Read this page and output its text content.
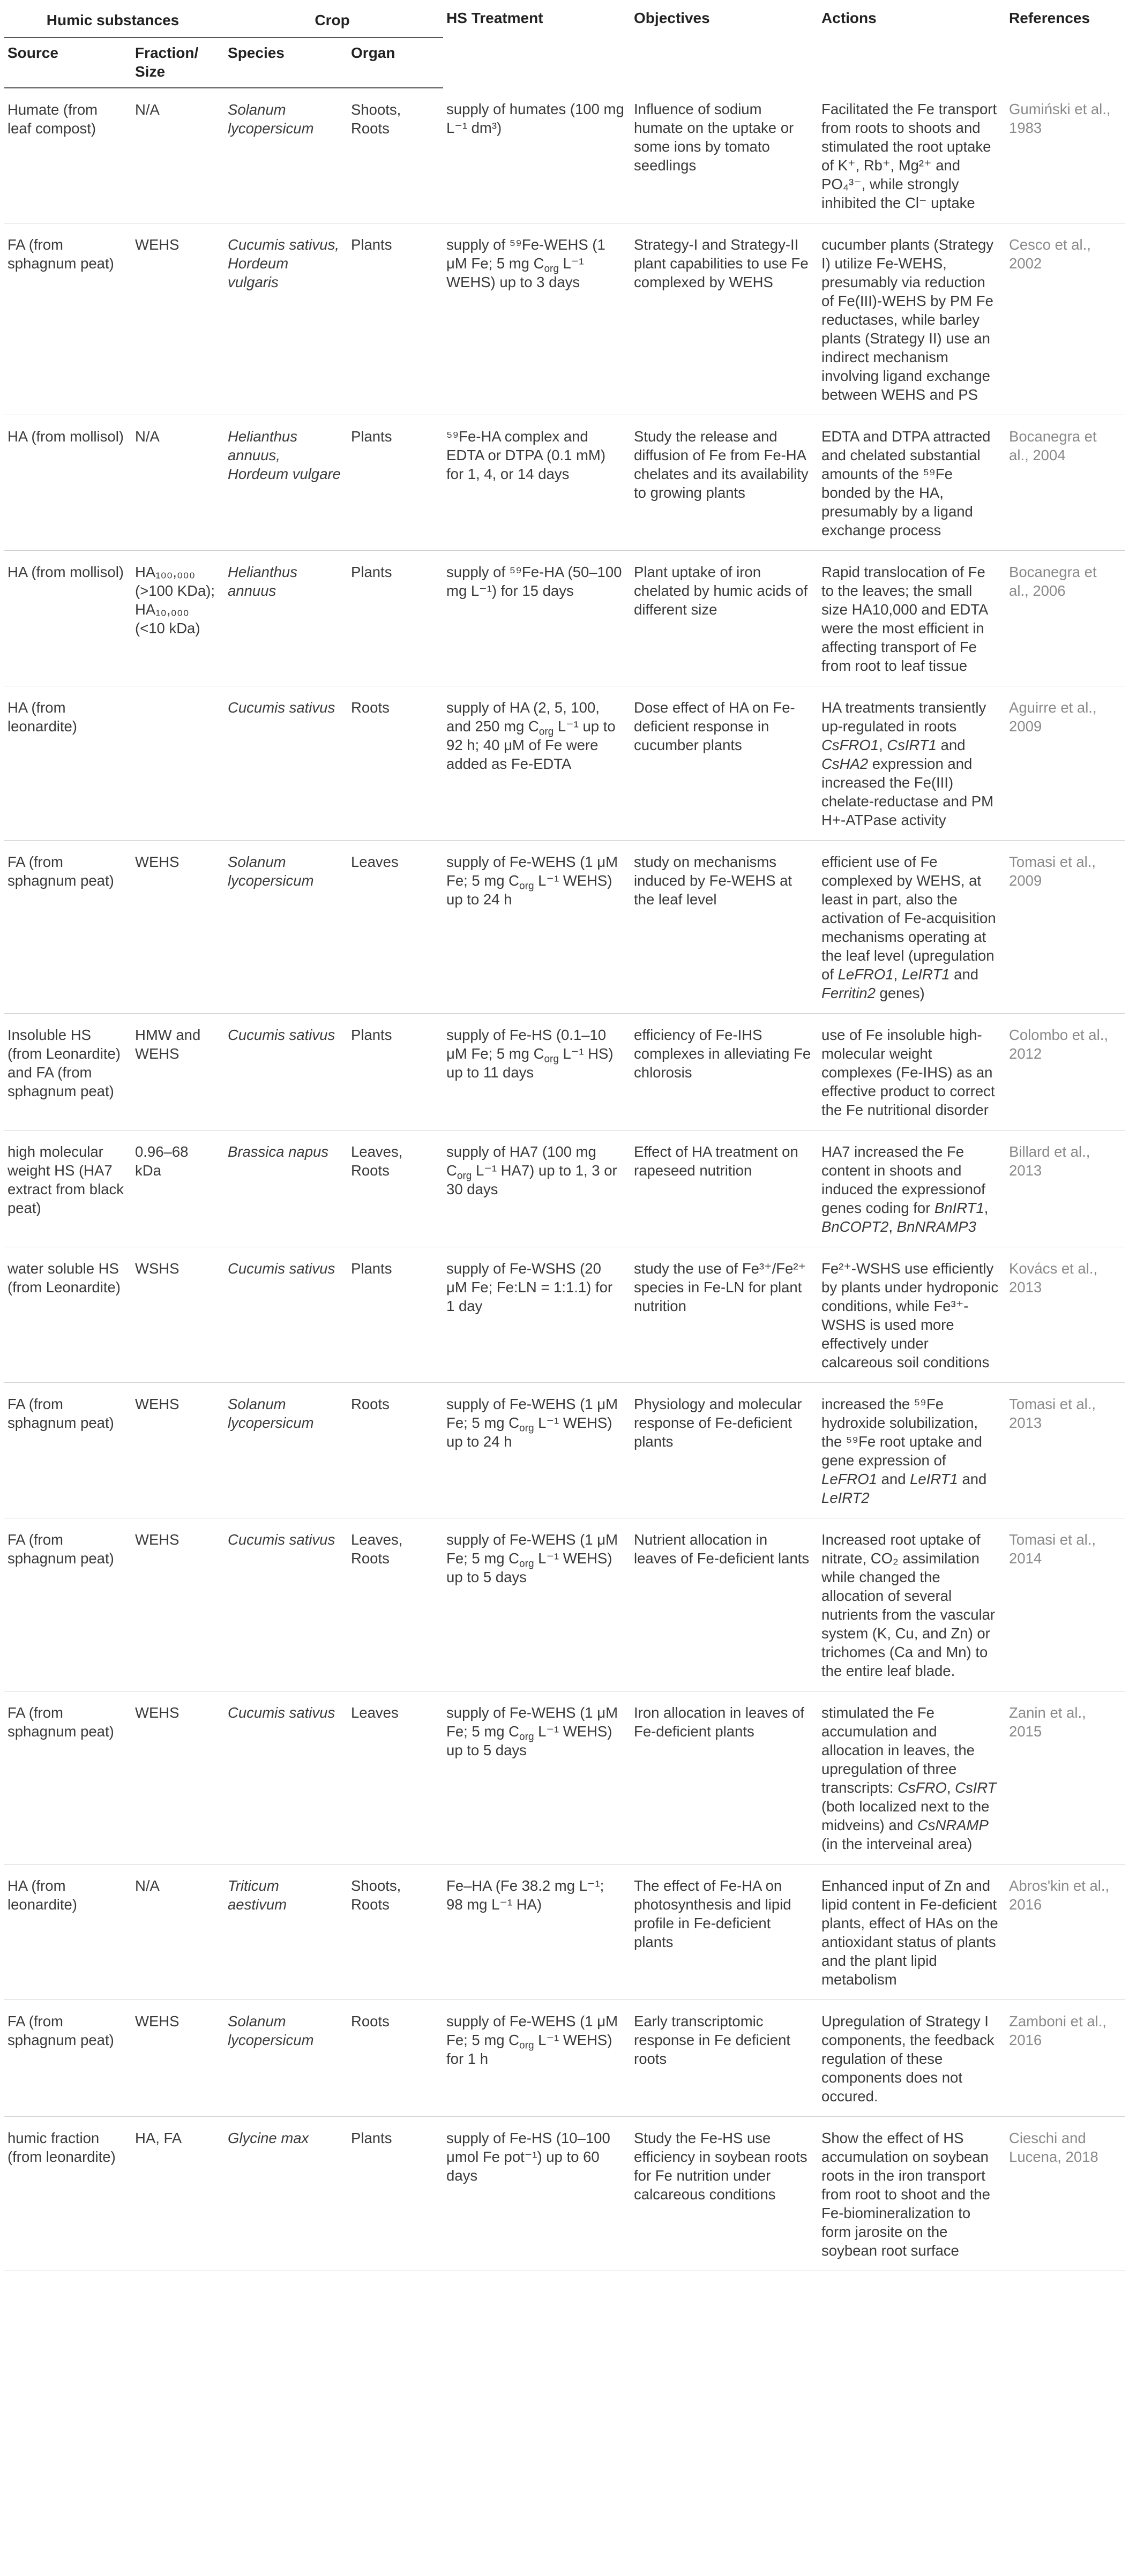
Humic substances		Crop		HS Treatment	Objectives	Actions	References
Source	Fraction/ Size	Species	Organ				
Humate (from leaf compost)	N/A	Solanum lycopersicum	Shoots, Roots	supply of humates (100 mg L⁻¹ dm³)	Influence of sodium humate on the uptake or some ions by tomato seedlings	Facilitated the Fe transport from roots to shoots and stimulated the root uptake of K⁺, Rb⁺, Mg²⁺ and PO₄³⁻, while strongly inhibited the Cl⁻ uptake	Gumiński et al., 1983
FA (from sphagnum peat)	WEHS	Cucumis sativus, Hordeum vulgaris	Plants	supply of ⁵⁹Fe-WEHS (1 μM Fe; 5 mg $C_{org}$ L⁻¹ WEHS) up to 3 days	Strategy-I and Strategy-II plant capabilities to use Fe complexed by WEHS	cucumber plants (Strategy I) utilize Fe-WEHS, presumably via reduction of Fe(III)-WEHS by PM Fe reductases, while barley plants (Strategy II) use an indirect mechanism involving ligand exchange between WEHS and PS	Cesco et al., 2002
HA (from mollisol)	N/A	Helianthus annuus, Hordeum vulgare	Plants	⁵⁹Fe-HA complex and EDTA or DTPA (0.1 mM) for 1, 4, or 14 days	Study the release and diffusion of Fe from Fe-HA chelates and its availability to growing plants	EDTA and DTPA attracted and chelated substantial amounts of the ⁵⁹Fe bonded by the HA, presumably by a ligand exchange process	Bocanegra et al., 2004
HA (from mollisol)	HA₁₀₀,₀₀₀ (>100 KDa); HA₁₀,₀₀₀ (<10 kDa)	Helianthus annuus	Plants	supply of ⁵⁹Fe-HA (50–100 mg L⁻¹) for 15 days	Plant uptake of iron chelated by humic acids of different size	Rapid translocation of Fe to the leaves; the small size HA10,000 and EDTA were the most efficient in affecting transport of Fe from root to leaf tissue	Bocanegra et al., 2006
HA (from leonardite)		Cucumis sativus	Roots	supply of HA (2, 5, 100, and 250 mg $C_{org}$ L⁻¹ up to 92 h; 40 μM of Fe were added as Fe-EDTA	Dose effect of HA on Fe-deficient response in cucumber plants	HA treatments transiently up-regulated in roots CsFRO1, CsIRT1 and CsHA2 expression and increased the Fe(III) chelate-reductase and PM H+-ATPase activity	Aguirre et al., 2009
FA (from sphagnum peat)	WEHS	Solanum lycopersicum	Leaves	supply of Fe-WEHS (1 μM Fe; 5 mg $C_{org}$ L⁻¹ WEHS) up to 24 h	study on mechanisms induced by Fe-WEHS at the leaf level	efficient use of Fe complexed by WEHS, at least in part, also the activation of Fe-acquisition mechanisms operating at the leaf level (upregulation of LeFRO1, LeIRT1 and Ferritin2 genes)	Tomasi et al., 2009
Insoluble HS (from Leonardite) and FA (from sphagnum peat)	HMW and WEHS	Cucumis sativus	Plants	supply of Fe-HS (0.1–10 μM Fe; 5 mg $C_{org}$ L⁻¹ HS) up to 11 days	efficiency of Fe-IHS complexes in alleviating Fe chlorosis	use of Fe insoluble high-molecular weight complexes (Fe-IHS) as an effective product to correct the Fe nutritional disorder	Colombo et al., 2012
high molecular weight HS (HA7 extract from black peat)	0.96–68 kDa	Brassica napus	Leaves, Roots	supply of HA7 (100 mg $C_{org}$ L⁻¹ HA7) up to 1, 3 or 30 days	Effect of HA treatment on rapeseed nutrition	HA7 increased the Fe content in shoots and induced the expressionof genes coding for BnIRT1, BnCOPT2, BnNRAMP3	Billard et al., 2013
water soluble HS (from Leonardite)	WSHS	Cucumis sativus	Plants	supply of Fe-WSHS (20 μM Fe; Fe:LN = 1:1.1) for 1 day	study the use of Fe³⁺/Fe²⁺ species in Fe-LN for plant nutrition	Fe²⁺-WSHS use efficiently by plants under hydroponic conditions, while Fe³⁺-WSHS is used more effectively under calcareous soil conditions	Kovács et al., 2013
FA (from sphagnum peat)	WEHS	Solanum lycopersicum	Roots	supply of Fe-WEHS (1 μM Fe; 5 mg $C_{org}$ L⁻¹ WEHS) up to 24 h	Physiology and molecular response of Fe-deficient plants	increased the ⁵⁹Fe hydroxide solubilization, the ⁵⁹Fe root uptake and gene expression of LeFRO1 and LeIRT1 and LeIRT2	Tomasi et al., 2013
FA (from sphagnum peat)	WEHS	Cucumis sativus	Leaves, Roots	supply of Fe-WEHS (1 μM Fe; 5 mg $C_{org}$ L⁻¹ WEHS) up to 5 days	Nutrient allocation in leaves of Fe-deficient lants	Increased root uptake of nitrate, CO₂ assimilation while changed the allocation of several nutrients from the vascular system (K, Cu, and Zn) or trichomes (Ca and Mn) to the entire leaf blade.	Tomasi et al., 2014
FA (from sphagnum peat)	WEHS	Cucumis sativus	Leaves	supply of Fe-WEHS (1 μM Fe; 5 mg $C_{org}$ L⁻¹ WEHS) up to 5 days	Iron allocation in leaves of Fe-deficient plants	stimulated the Fe accumulation and allocation in leaves, the upregulation of three transcripts: CsFRO, CsIRT (both localized next to the midveins) and CsNRAMP (in the interveinal area)	Zanin et al., 2015
HA (from leonardite)	N/A	Triticum aestivum	Shoots, Roots	Fe–HA (Fe 38.2 mg L⁻¹; 98 mg L⁻¹ HA)	The effect of Fe-HA on photosynthesis and lipid profile in Fe-deficient plants	Enhanced input of Zn and lipid content in Fe-deficient plants, effect of HAs on the antioxidant status of plants and the plant lipid metabolism	Abros'kin et al., 2016
FA (from sphagnum peat)	WEHS	Solanum lycopersicum	Roots	supply of Fe-WEHS (1 μM Fe; 5 mg $C_{org}$ L⁻¹ WEHS) for 1 h	Early transcriptomic response in Fe deficient roots	Upregulation of Strategy I components, the feedback regulation of these components does not occured.	Zamboni et al., 2016
humic fraction (from leonardite)	HA, FA	Glycine max	Plants	supply of Fe-HS (10–100 μmol Fe pot⁻¹) up to 60 days	Study the Fe-HS use efficiency in soybean roots for Fe nutrition under calcareous conditions	Show the effect of HS accumulation on soybean roots in the iron transport from root to shoot and the Fe-biomineralization to form jarosite on the soybean root surface	Cieschi and Lucena, 2018
